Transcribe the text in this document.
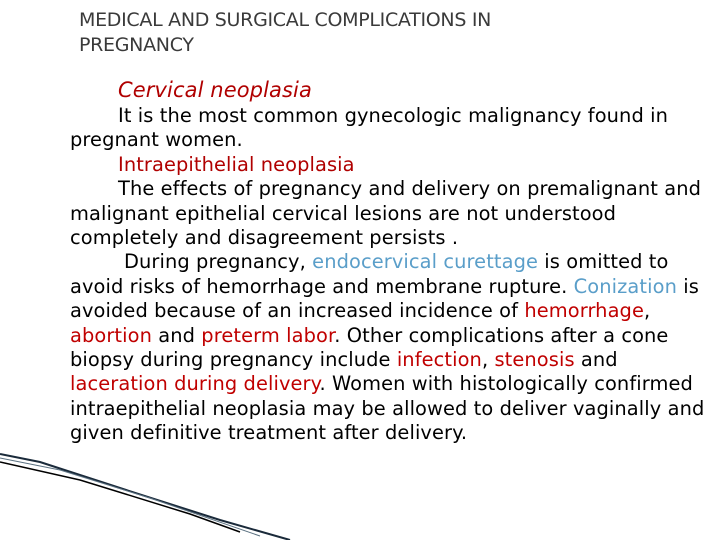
MEDICAL AND SURGICAL COMPLICATIONS IN
PREGNANCY

Cervical neoplasia

It is the most common gynecologic malignancy found in pregnant women.

Intraepithelial neoplasia

The effects of pregnancy and delivery on premalignant and malignant epithelial cervical lesions are not understood completely and disagreement persists .

During pregnancy, endocervical curettage is omitted to avoid risks of hemorrhage and membrane rupture. Conization is avoided because of an increased incidence of hemorrhage, abortion and preterm labor. Other complications after a cone biopsy during pregnancy include infection, stenosis and laceration during delivery. Women with histologically confirmed intraepithelial neoplasia may be allowed to deliver vaginally and given definitive treatment after delivery.
